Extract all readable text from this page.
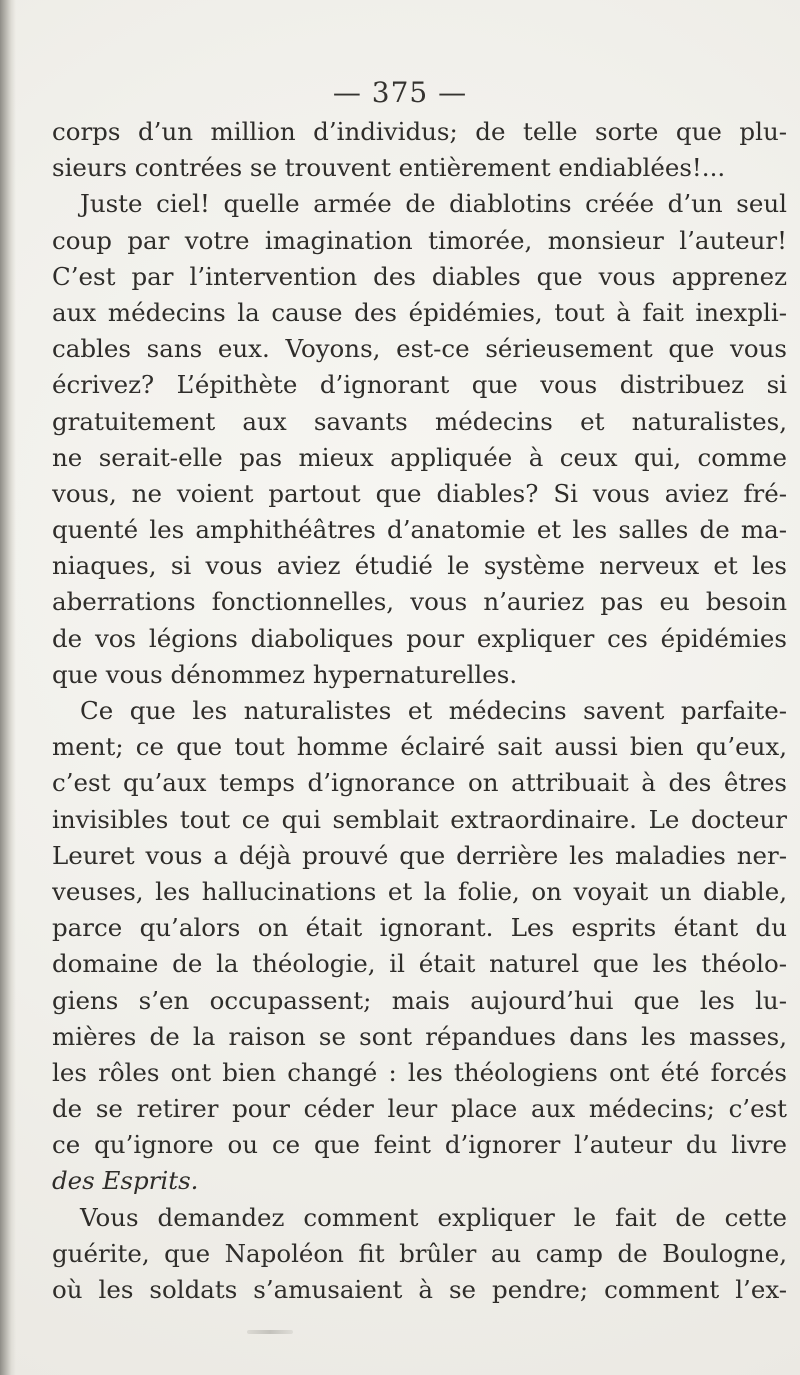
— 375 —
corps d’un million d’individus; de telle sorte que plu-
sieurs contrées se trouvent entièrement endiablées!...
Juste ciel! quelle armée de diablotins créée d’un seul
coup par votre imagination timorée, monsieur l’auteur!
C’est par l’intervention des diables que vous apprenez
aux médecins la cause des épidémies, tout à fait inexpli-
cables sans eux. Voyons, est-ce sérieusement que vous
écrivez? L’épithète d’ignorant que vous distribuez si
gratuitement aux savants médecins et naturalistes,
ne serait-elle pas mieux appliquée à ceux qui, comme
vous, ne voient partout que diables? Si vous aviez fré-
quenté les amphithéâtres d’anatomie et les salles de ma-
niaques, si vous aviez étudié le système nerveux et les
aberrations fonctionnelles, vous n’auriez pas eu besoin
de vos légions diaboliques pour expliquer ces épidémies
que vous dénommez hypernaturelles.
Ce que les naturalistes et médecins savent parfaite-
ment; ce que tout homme éclairé sait aussi bien qu’eux,
c’est qu’aux temps d’ignorance on attribuait à des êtres
invisibles tout ce qui semblait extraordinaire. Le docteur
Leuret vous a déjà prouvé que derrière les maladies ner-
veuses, les hallucinations et la folie, on voyait un diable,
parce qu’alors on était ignorant. Les esprits étant du
domaine de la théologie, il était naturel que les théolo-
giens s’en occupassent; mais aujourd’hui que les lu-
mières de la raison se sont répandues dans les masses,
les rôles ont bien changé : les théologiens ont été forcés
de se retirer pour céder leur place aux médecins; c’est
ce qu’ignore ou ce que feint d’ignorer l’auteur du livre
des Esprits.
Vous demandez comment expliquer le fait de cette
guérite, que Napoléon fit brûler au camp de Boulogne,
où les soldats s’amusaient à se pendre; comment l’ex-
